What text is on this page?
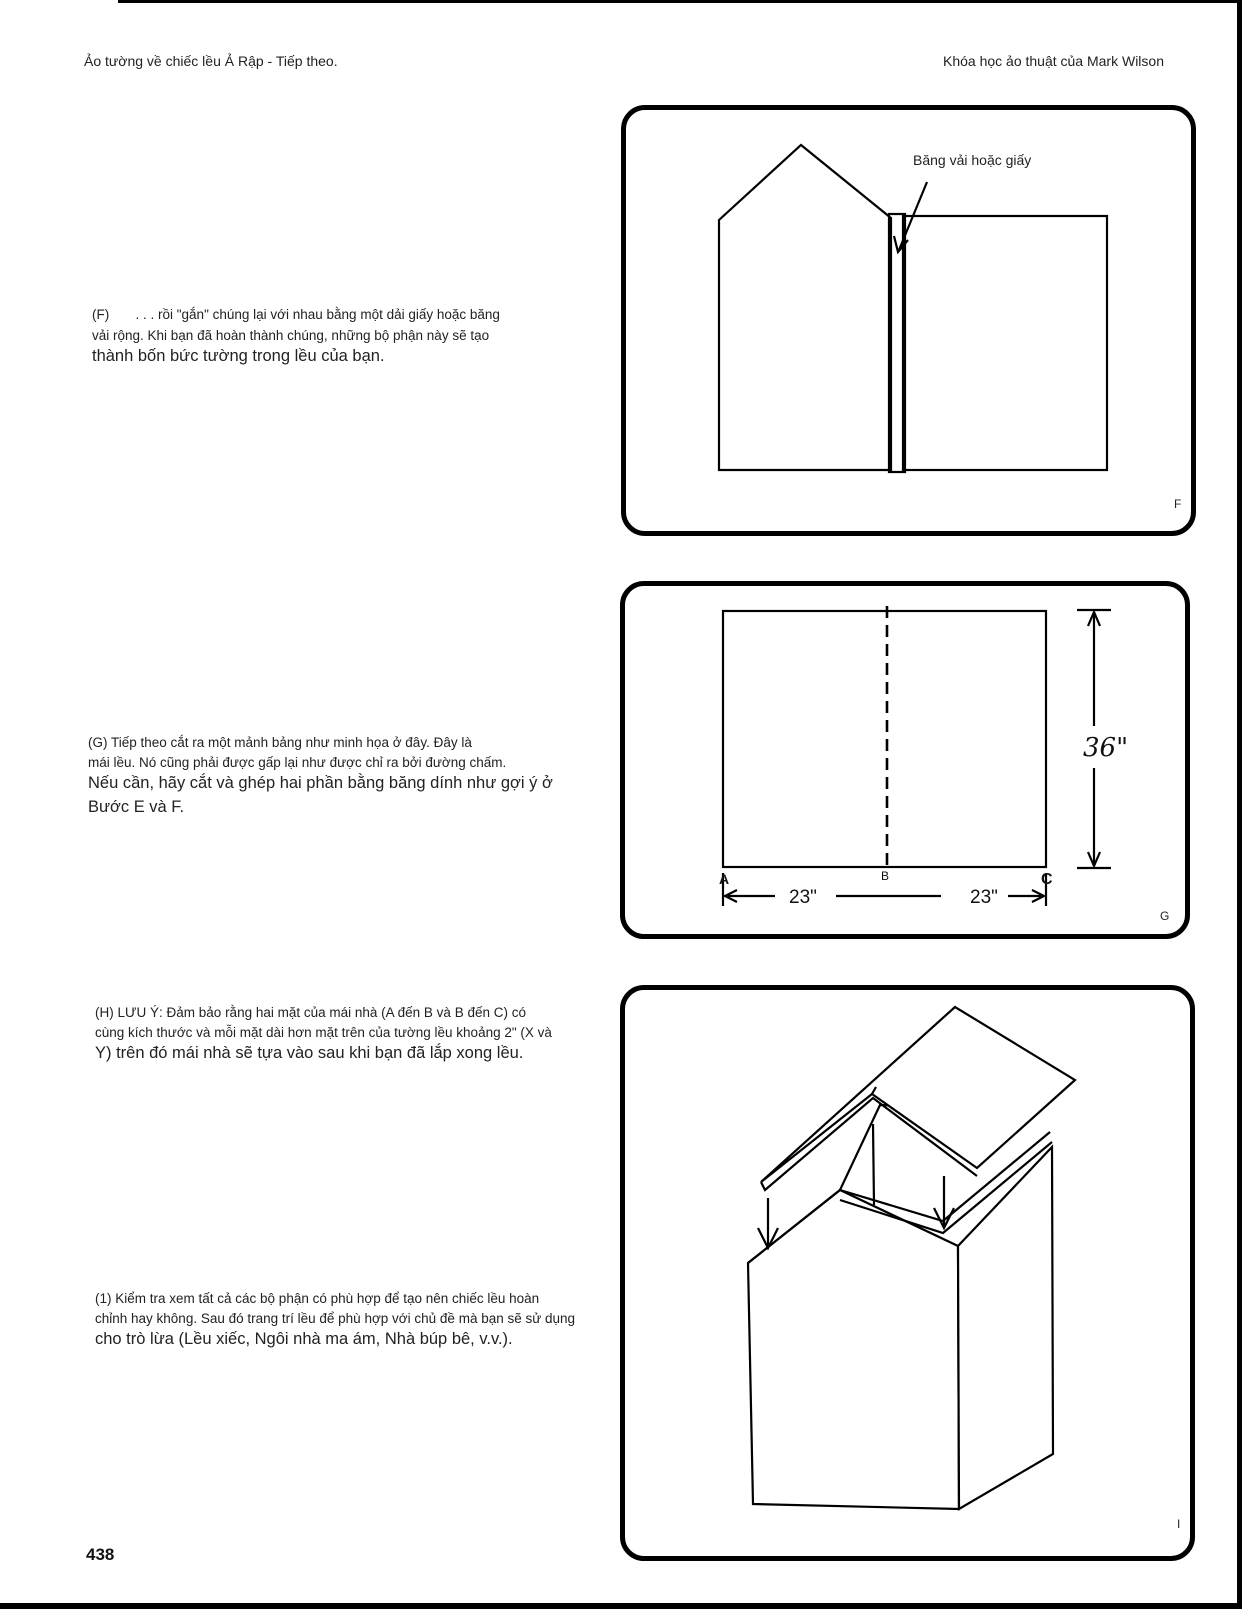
Ảo tường về chiếc lều Ả Rập - Tiếp theo.	Khóa học ảo thuật của Mark Wilson
(F)       . . . rồi "gắn" chúng lại với nhau bằng một dải giấy hoặc băng
vải rộng. Khi bạn đã hoàn thành chúng, những bộ phận này sẽ tạo
thành bốn bức tường trong lều của bạn.
(G) Tiếp theo cắt ra một mảnh bảng như minh họa ở đây. Đây là
mái lều. Nó cũng phải được gấp lại như được chỉ ra bởi đường chấm.
Nếu cần, hãy cắt và ghép hai phần bằng băng dính như gợi ý ở
Bước E và F.
(H) LƯU Ý: Đảm bảo rằng hai mặt của mái nhà (A đến B và B đến C) có
cùng kích thước và mỗi mặt dài hơn mặt trên của tường lều khoảng 2" (X và
Y) trên đó mái nhà sẽ tựa vào sau khi bạn đã lắp xong lều.
(1) Kiểm tra xem tất cả các bộ phận có phù hợp để tạo nên chiếc lều hoàn
chỉnh hay không. Sau đó trang trí lều để phù hợp với chủ đề mà bạn sẽ sử dụng
cho trò lừa (Lều xiếc, Ngôi nhà ma ám, Nhà búp bê, v.v.).
Băng vải hoặc giấy
F
36"
23"	23"
A	B	C
G
I
438
